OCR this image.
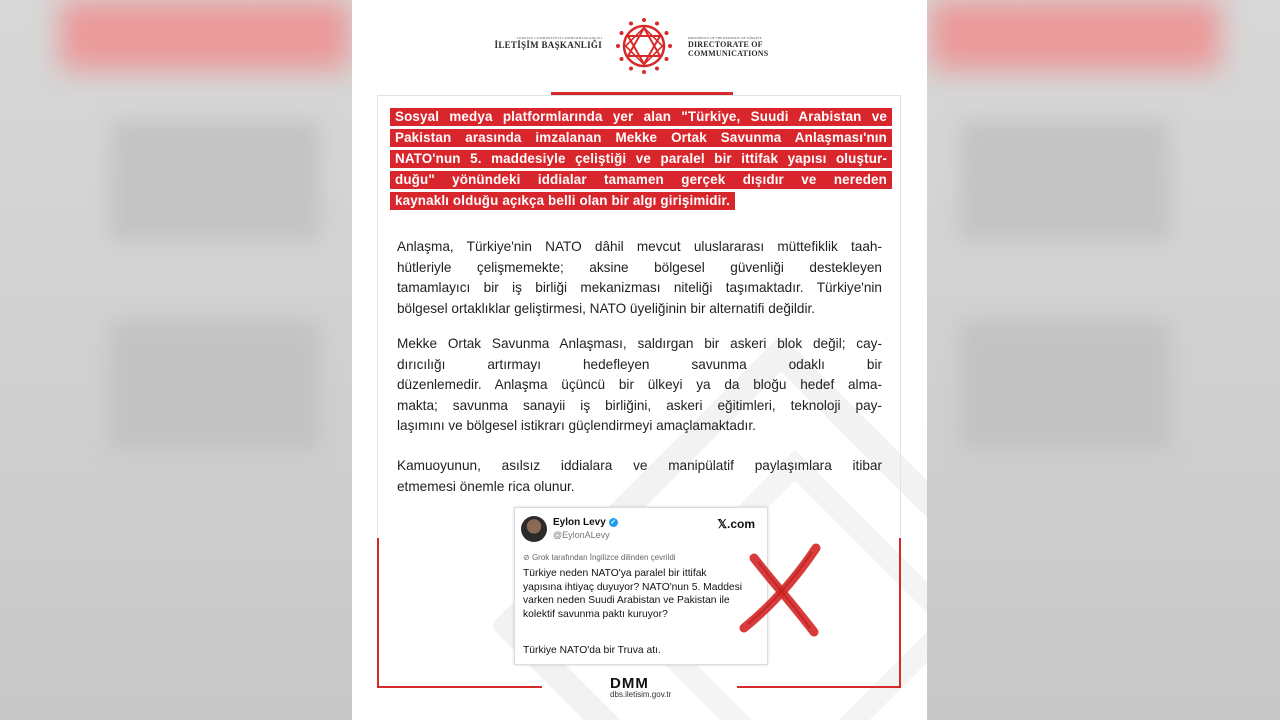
TÜRKİYE CUMHURİYETİ CUMHURBAŞKANLIĞI
İLETİŞİM BAŞKANLIĞI
PRESIDENCY OF THE REPUBLIC OF TÜRKİYE
DIRECTORATE OF
COMMUNICATIONS
Sosyal medya platformlarında yer alan "Türkiye, Suudi Arabistan ve
Pakistan arasında imzalanan Mekke Ortak Savunma Anlaşması'nın
NATO'nun 5. maddesiyle çeliştiği ve paralel bir ittifak yapısı oluştur-
duğu" yönündeki iddialar tamamen gerçek dışıdır ve nereden
kaynaklı olduğu açıkça belli olan bir algı girişimidir.
Anlaşma, Türkiye'nin NATO dâhil mevcut uluslararası müttefiklik taah-
hütleriyle çelişmemekte; aksine bölgesel güvenliği destekleyen
tamamlayıcı bir iş birliği mekanizması niteliği taşımaktadır. Türkiye'nin
bölgesel ortaklıklar geliştirmesi, NATO üyeliğinin bir alternatifi değildir.
Mekke Ortak Savunma Anlaşması, saldırgan bir askeri blok değil; cay-
dırıcılığı artırmayı hedefleyen savunma odaklı bir
düzenlemedir. Anlaşma üçüncü bir ülkeyi ya da bloğu hedef alma-
makta; savunma sanayii iş birliğini, askeri eğitimleri, teknoloji pay-
laşımını ve bölgesel istikrarı güçlendirmeyi amaçlamaktadır.
Kamuoyunun, asılsız iddialara ve manipülatif paylaşımlara itibar
etmemesi önemle rica olunur.
Eylon Levy ✓
@EylonALevy
𝕏.com
⊘ Grok tarafından İngilizce dilinden çevrildi
Türkiye neden NATO'ya paralel bir ittifak
yapısına ihtiyaç duyuyor? NATO'nun 5. Maddesi
varken neden Suudi Arabistan ve Pakistan ile
kolektif savunma paktı kuruyor?
Türkiye NATO'da bir Truva atı.
DMM
dbs.iletisim.gov.tr
